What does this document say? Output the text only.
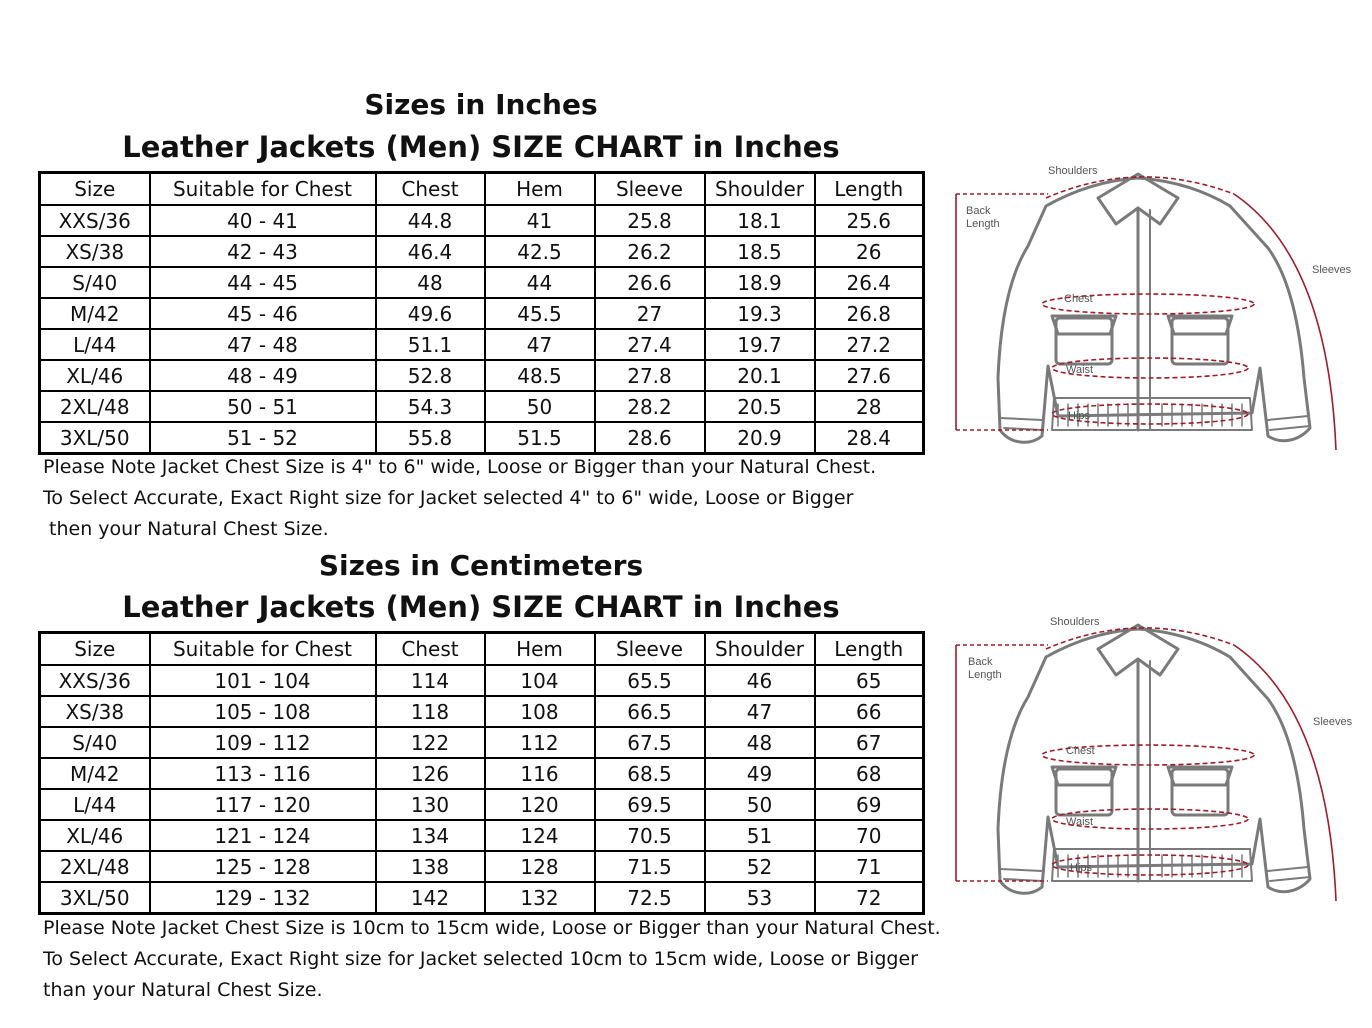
Sizes in Inches
Leather Jackets (Men) SIZE CHART in Inches
Size	Suitable for Chest	Chest	Hem	Sleeve	Shoulder	Length
XXS/36	40 - 41	44.8	41	25.8	18.1	25.6
XS/38	42 - 43	46.4	42.5	26.2	18.5	26
S/40	44 - 45	48	44	26.6	18.9	26.4
M/42	45 - 46	49.6	45.5	27	19.3	26.8
L/44	47 - 48	51.1	47	27.4	19.7	27.2
XL/46	48 - 49	52.8	48.5	27.8	20.1	27.6
2XL/48	50 - 51	54.3	50	28.2	20.5	28
3XL/50	51 - 52	55.8	51.5	28.6	20.9	28.4
Please Note Jacket Chest Size is 4" to 6" wide, Loose or Bigger than your Natural Chest.
To Select Accurate, Exact Right size for Jacket selected 4" to 6" wide, Loose or Bigger
then your Natural Chest Size.
Sizes in Centimeters
Leather Jackets (Men) SIZE CHART in Inches
Size	Suitable for Chest	Chest	Hem	Sleeve	Shoulder	Length
XXS/36	101 - 104	114	104	65.5	46	65
XS/38	105 - 108	118	108	66.5	47	66
S/40	109 - 112	122	112	67.5	48	67
M/42	113 - 116	126	116	68.5	49	68
L/44	117 - 120	130	120	69.5	50	69
XL/46	121 - 124	134	124	70.5	51	70
2XL/48	125 - 128	138	128	71.5	52	71
3XL/50	129 - 132	142	132	72.5	53	72
Please Note Jacket Chest Size is 10cm to 15cm wide, Loose or Bigger than your Natural Chest.
To Select Accurate, Exact Right size for Jacket selected 10cm to 15cm wide, Loose or Bigger
than your Natural Chest Size.
Shoulders
Back
Length
Sleeves
Chest
Waist
Hips
Shoulders
Back
Length
Sleeves
Chest
Waist
Hips
